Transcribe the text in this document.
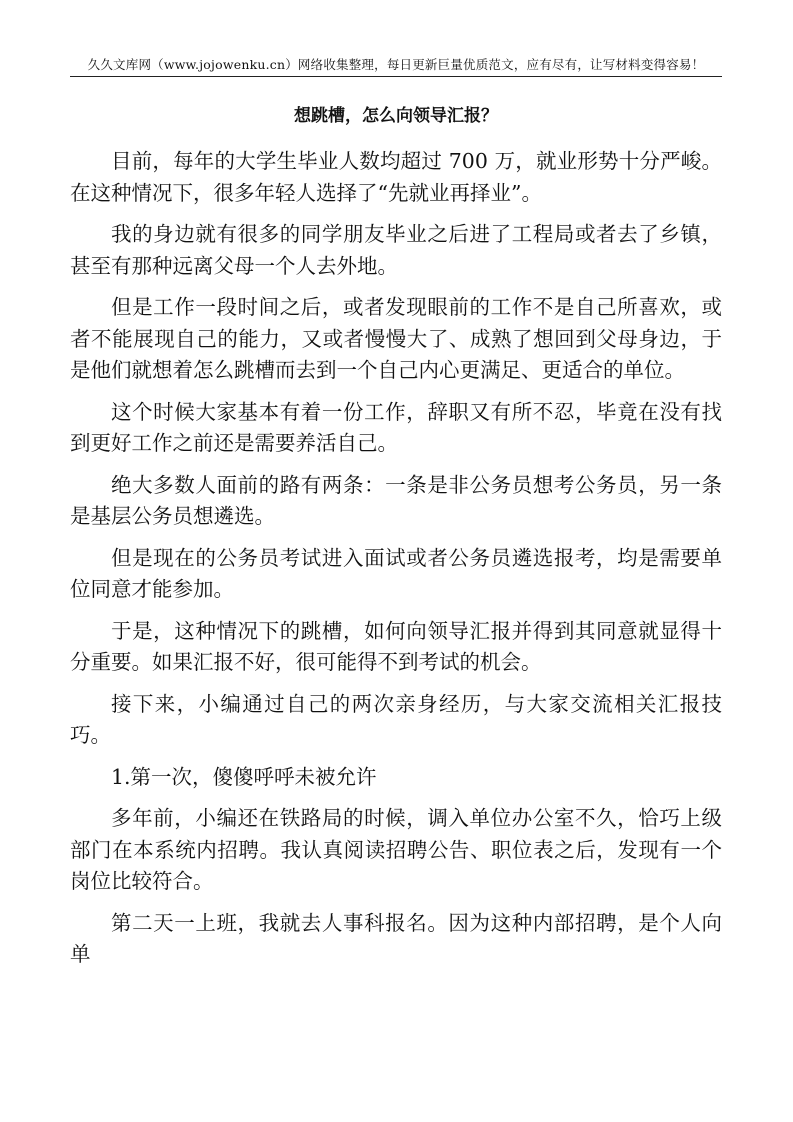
久久文库网（www.jojowenku.cn）网络收集整理，每日更新巨量优质范文，应有尽有，让写材料变得容易！
想跳槽，怎么向领导汇报？

目前，每年的大学生毕业人数均超过 700 万，就业形势十分严峻。在这种情况下，很多年轻人选择了“先就业再择业”。

我的身边就有很多的同学朋友毕业之后进了工程局或者去了乡镇，甚至有那种远离父母一个人去外地。

但是工作一段时间之后，或者发现眼前的工作不是自己所喜欢，或者不能展现自己的能力，又或者慢慢大了、成熟了想回到父母身边，于是他们就想着怎么跳槽而去到一个自己内心更满足、更适合的单位。

这个时候大家基本有着一份工作，辞职又有所不忍，毕竟在没有找到更好工作之前还是需要养活自己。

绝大多数人面前的路有两条：一条是非公务员想考公务员，另一条是基层公务员想遴选。

但是现在的公务员考试进入面试或者公务员遴选报考，均是需要单位同意才能参加。

于是，这种情况下的跳槽，如何向领导汇报并得到其同意就显得十分重要。如果汇报不好，很可能得不到考试的机会。

接下来，小编通过自己的两次亲身经历，与大家交流相关汇报技巧。

1.第一次，傻傻呼呼未被允许

多年前，小编还在铁路局的时候，调入单位办公室不久，恰巧上级部门在本系统内招聘。我认真阅读招聘公告、职位表之后，发现有一个岗位比较符合。

第二天一上班，我就去人事科报名。因为这种内部招聘，是个人向单
